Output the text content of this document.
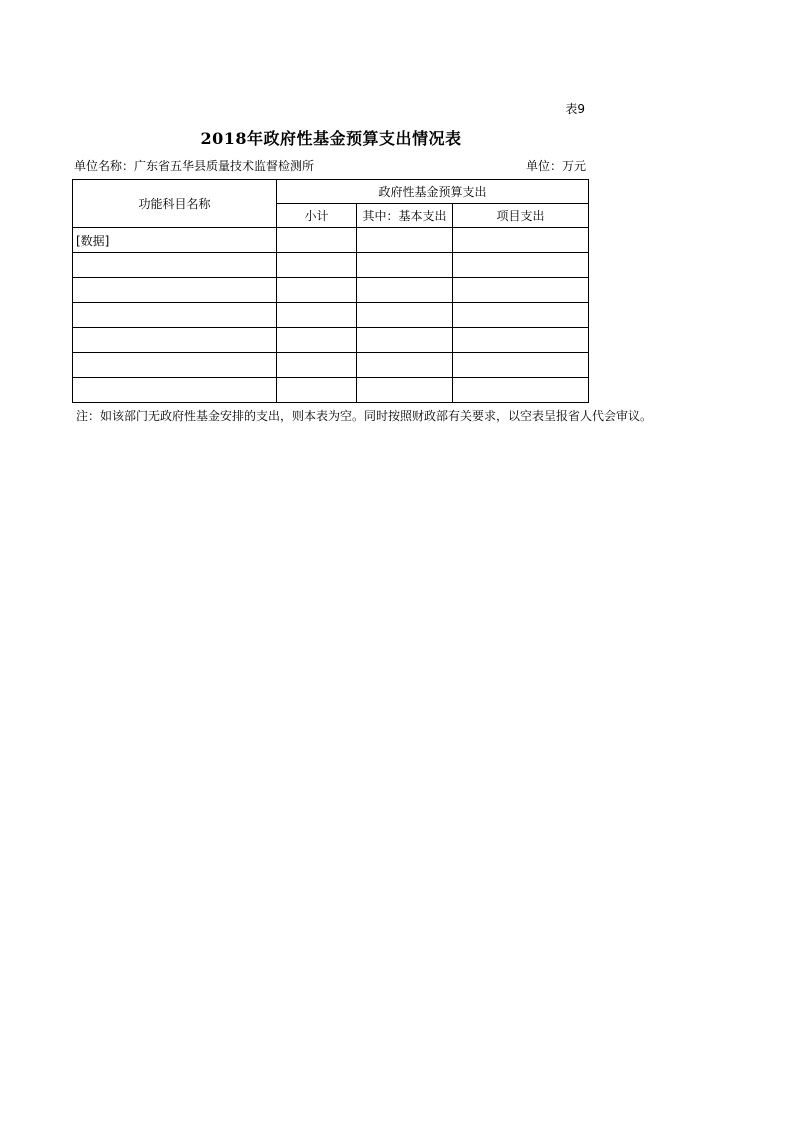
表9
2018年政府性基金预算支出情况表
单位名称：广东省五华县质量技术监督检测所	单位：万元
功能科目名称	政府性基金预算支出		
	小计	其中：基本支出	项目支出
[数据]			

注：如该部门无政府性基金安排的支出，则本表为空。同时按照财政部有关要求，以空表呈报省人代会审议。
